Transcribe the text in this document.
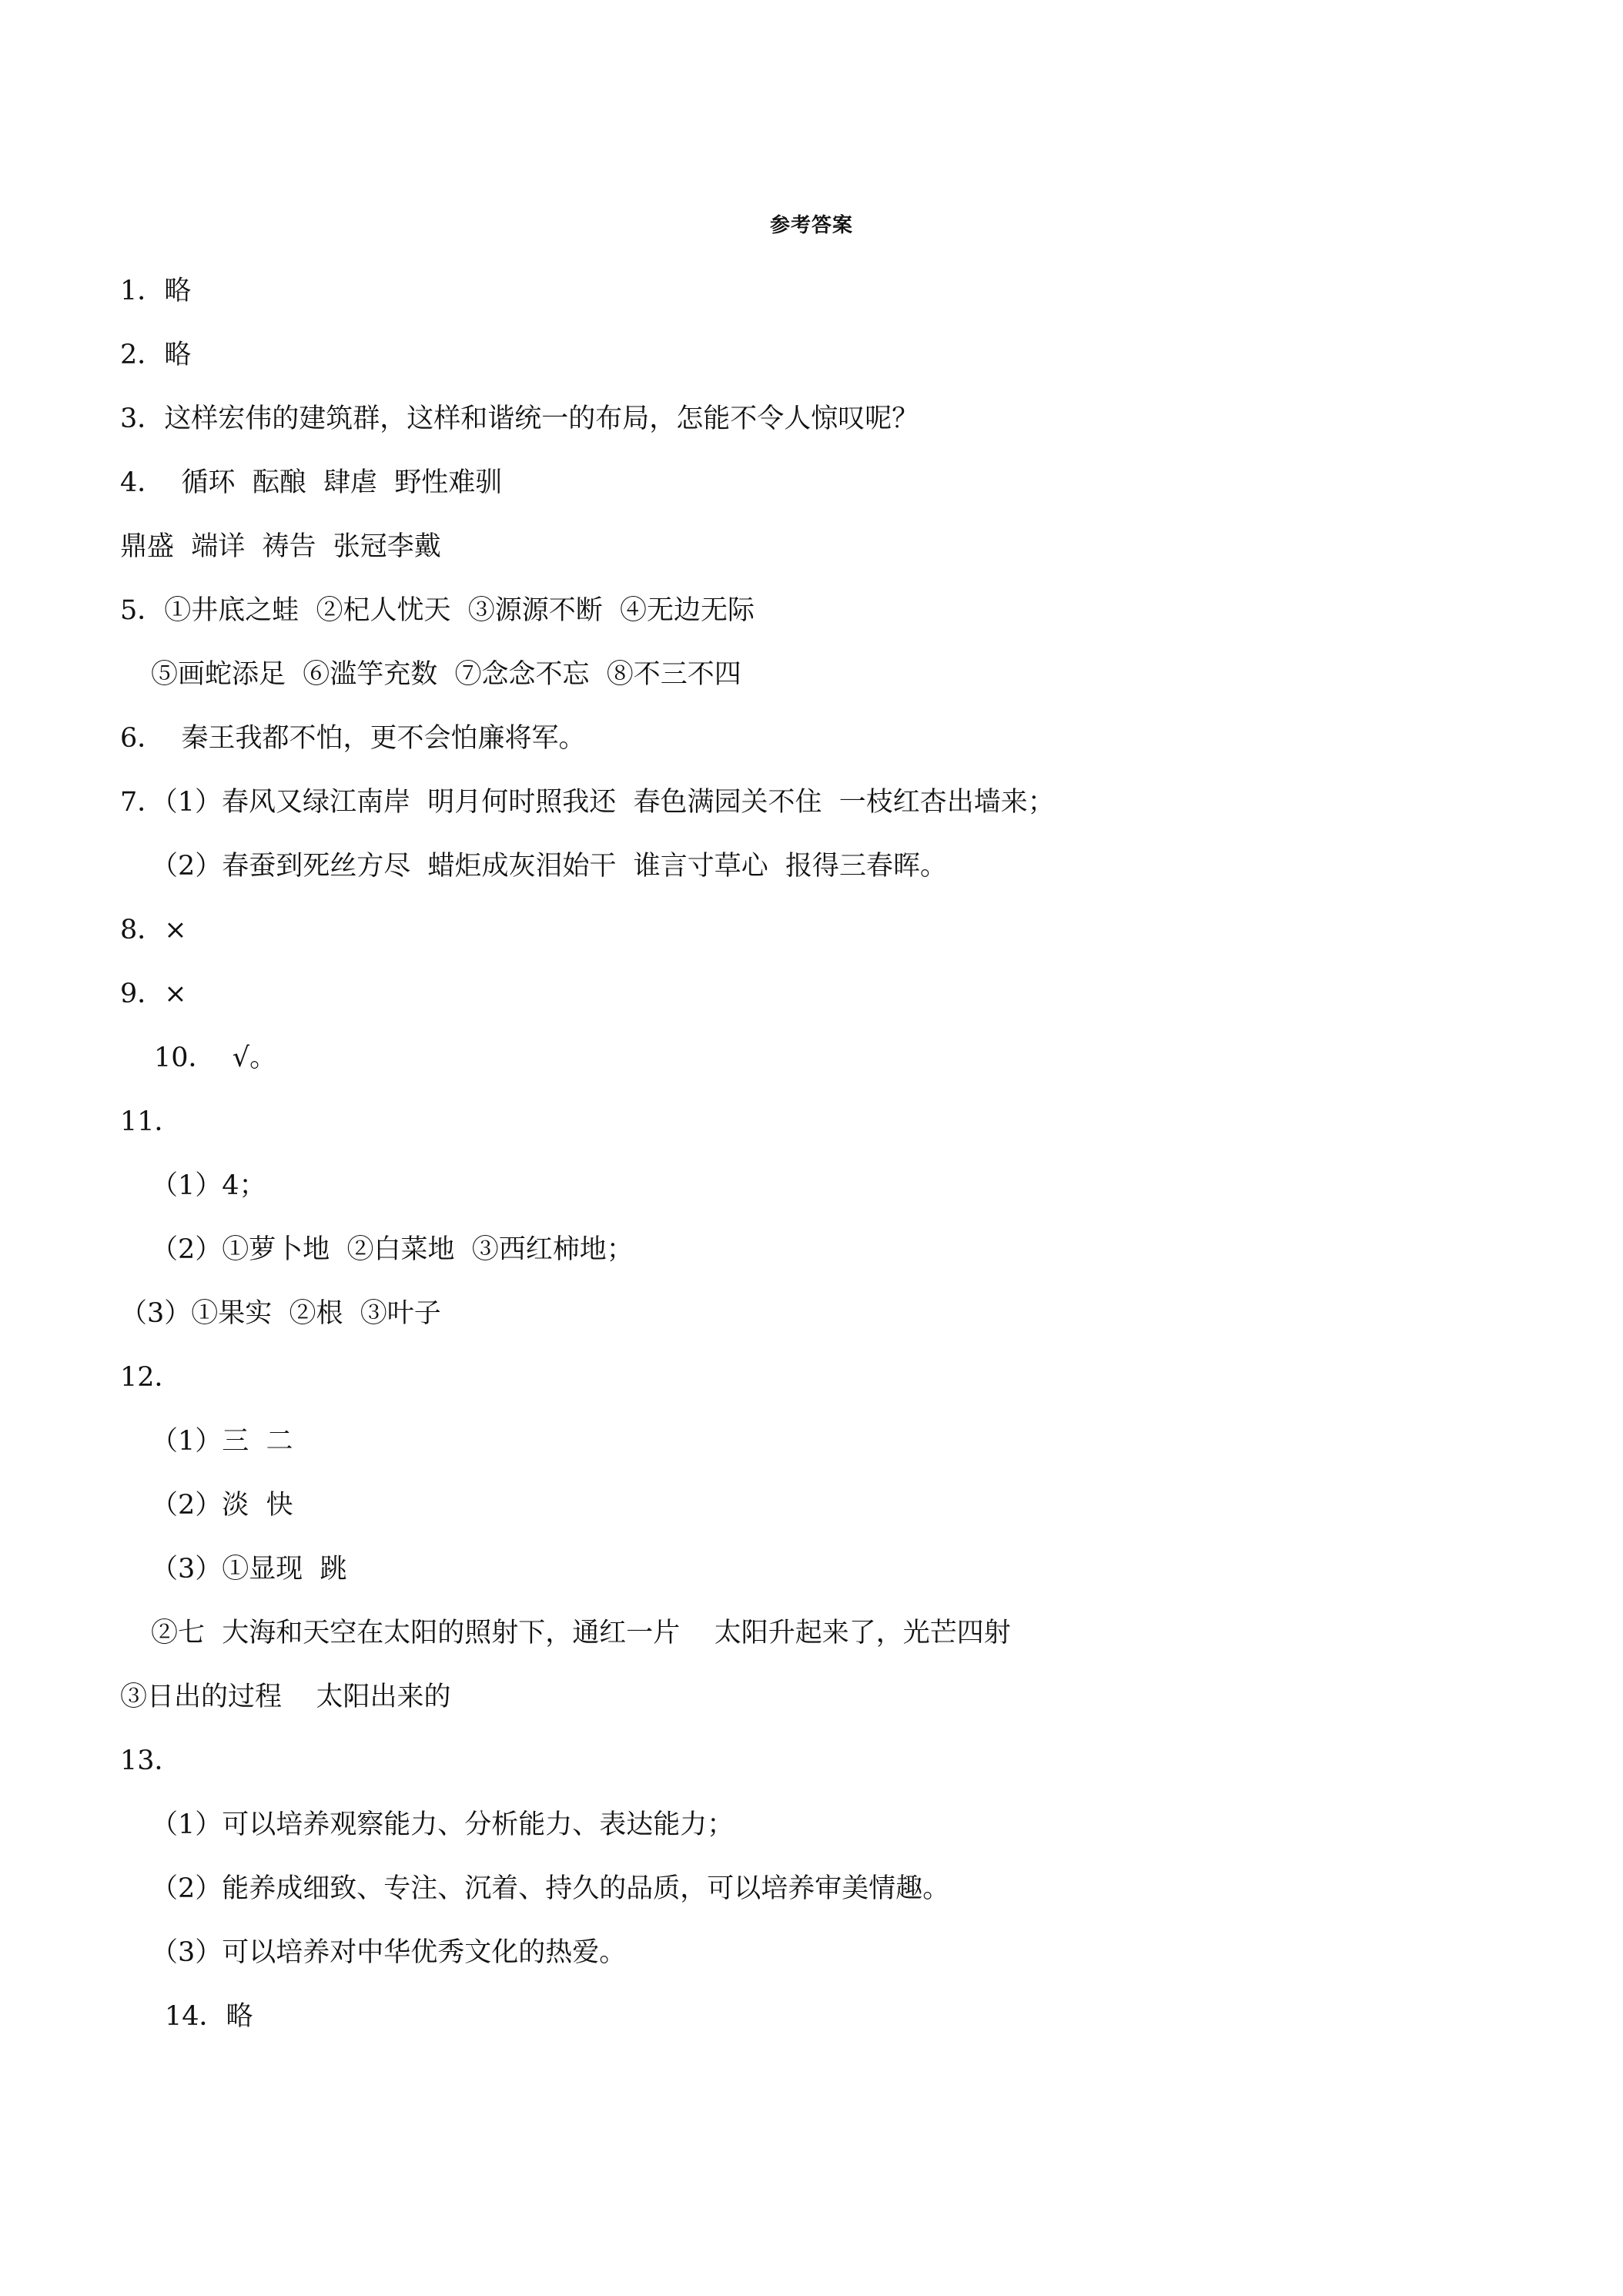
参考答案
1．略
2．略
3．这样宏伟的建筑群，这样和谐统一的布局，怎能不令人惊叹呢？
4．  循环  酝酿  肆虐  野性难驯
鼎盛  端详  祷告  张冠李戴
5．①井底之蛙  ②杞人忧天  ③源源不断  ④无边无际
⑤画蛇添足  ⑥滥竽充数  ⑦念念不忘  ⑧不三不四
6．  秦王我都不怕，更不会怕廉将军。
7．（1）春风又绿江南岸  明月何时照我还  春色满园关不住  一枝红杏出墙来；
（2）春蚕到死丝方尽  蜡炬成灰泪始干  谁言寸草心  报得三春晖。
8．×
9．×
10．  √。
11．
（1）4；
（2）①萝卜地  ②白菜地  ③西红柿地；
（3）①果实  ②根  ③叶子
12．
（1）三  二
（2）淡  快
（3）①显现  跳
②七  大海和天空在太阳的照射下，通红一片    太阳升起来了，光芒四射
③日出的过程    太阳出来的
13．
（1）可以培养观察能力、分析能力、表达能力；
（2）能养成细致、专注、沉着、持久的品质，可以培养审美情趣。
（3）可以培养对中华优秀文化的热爱。
14．略
